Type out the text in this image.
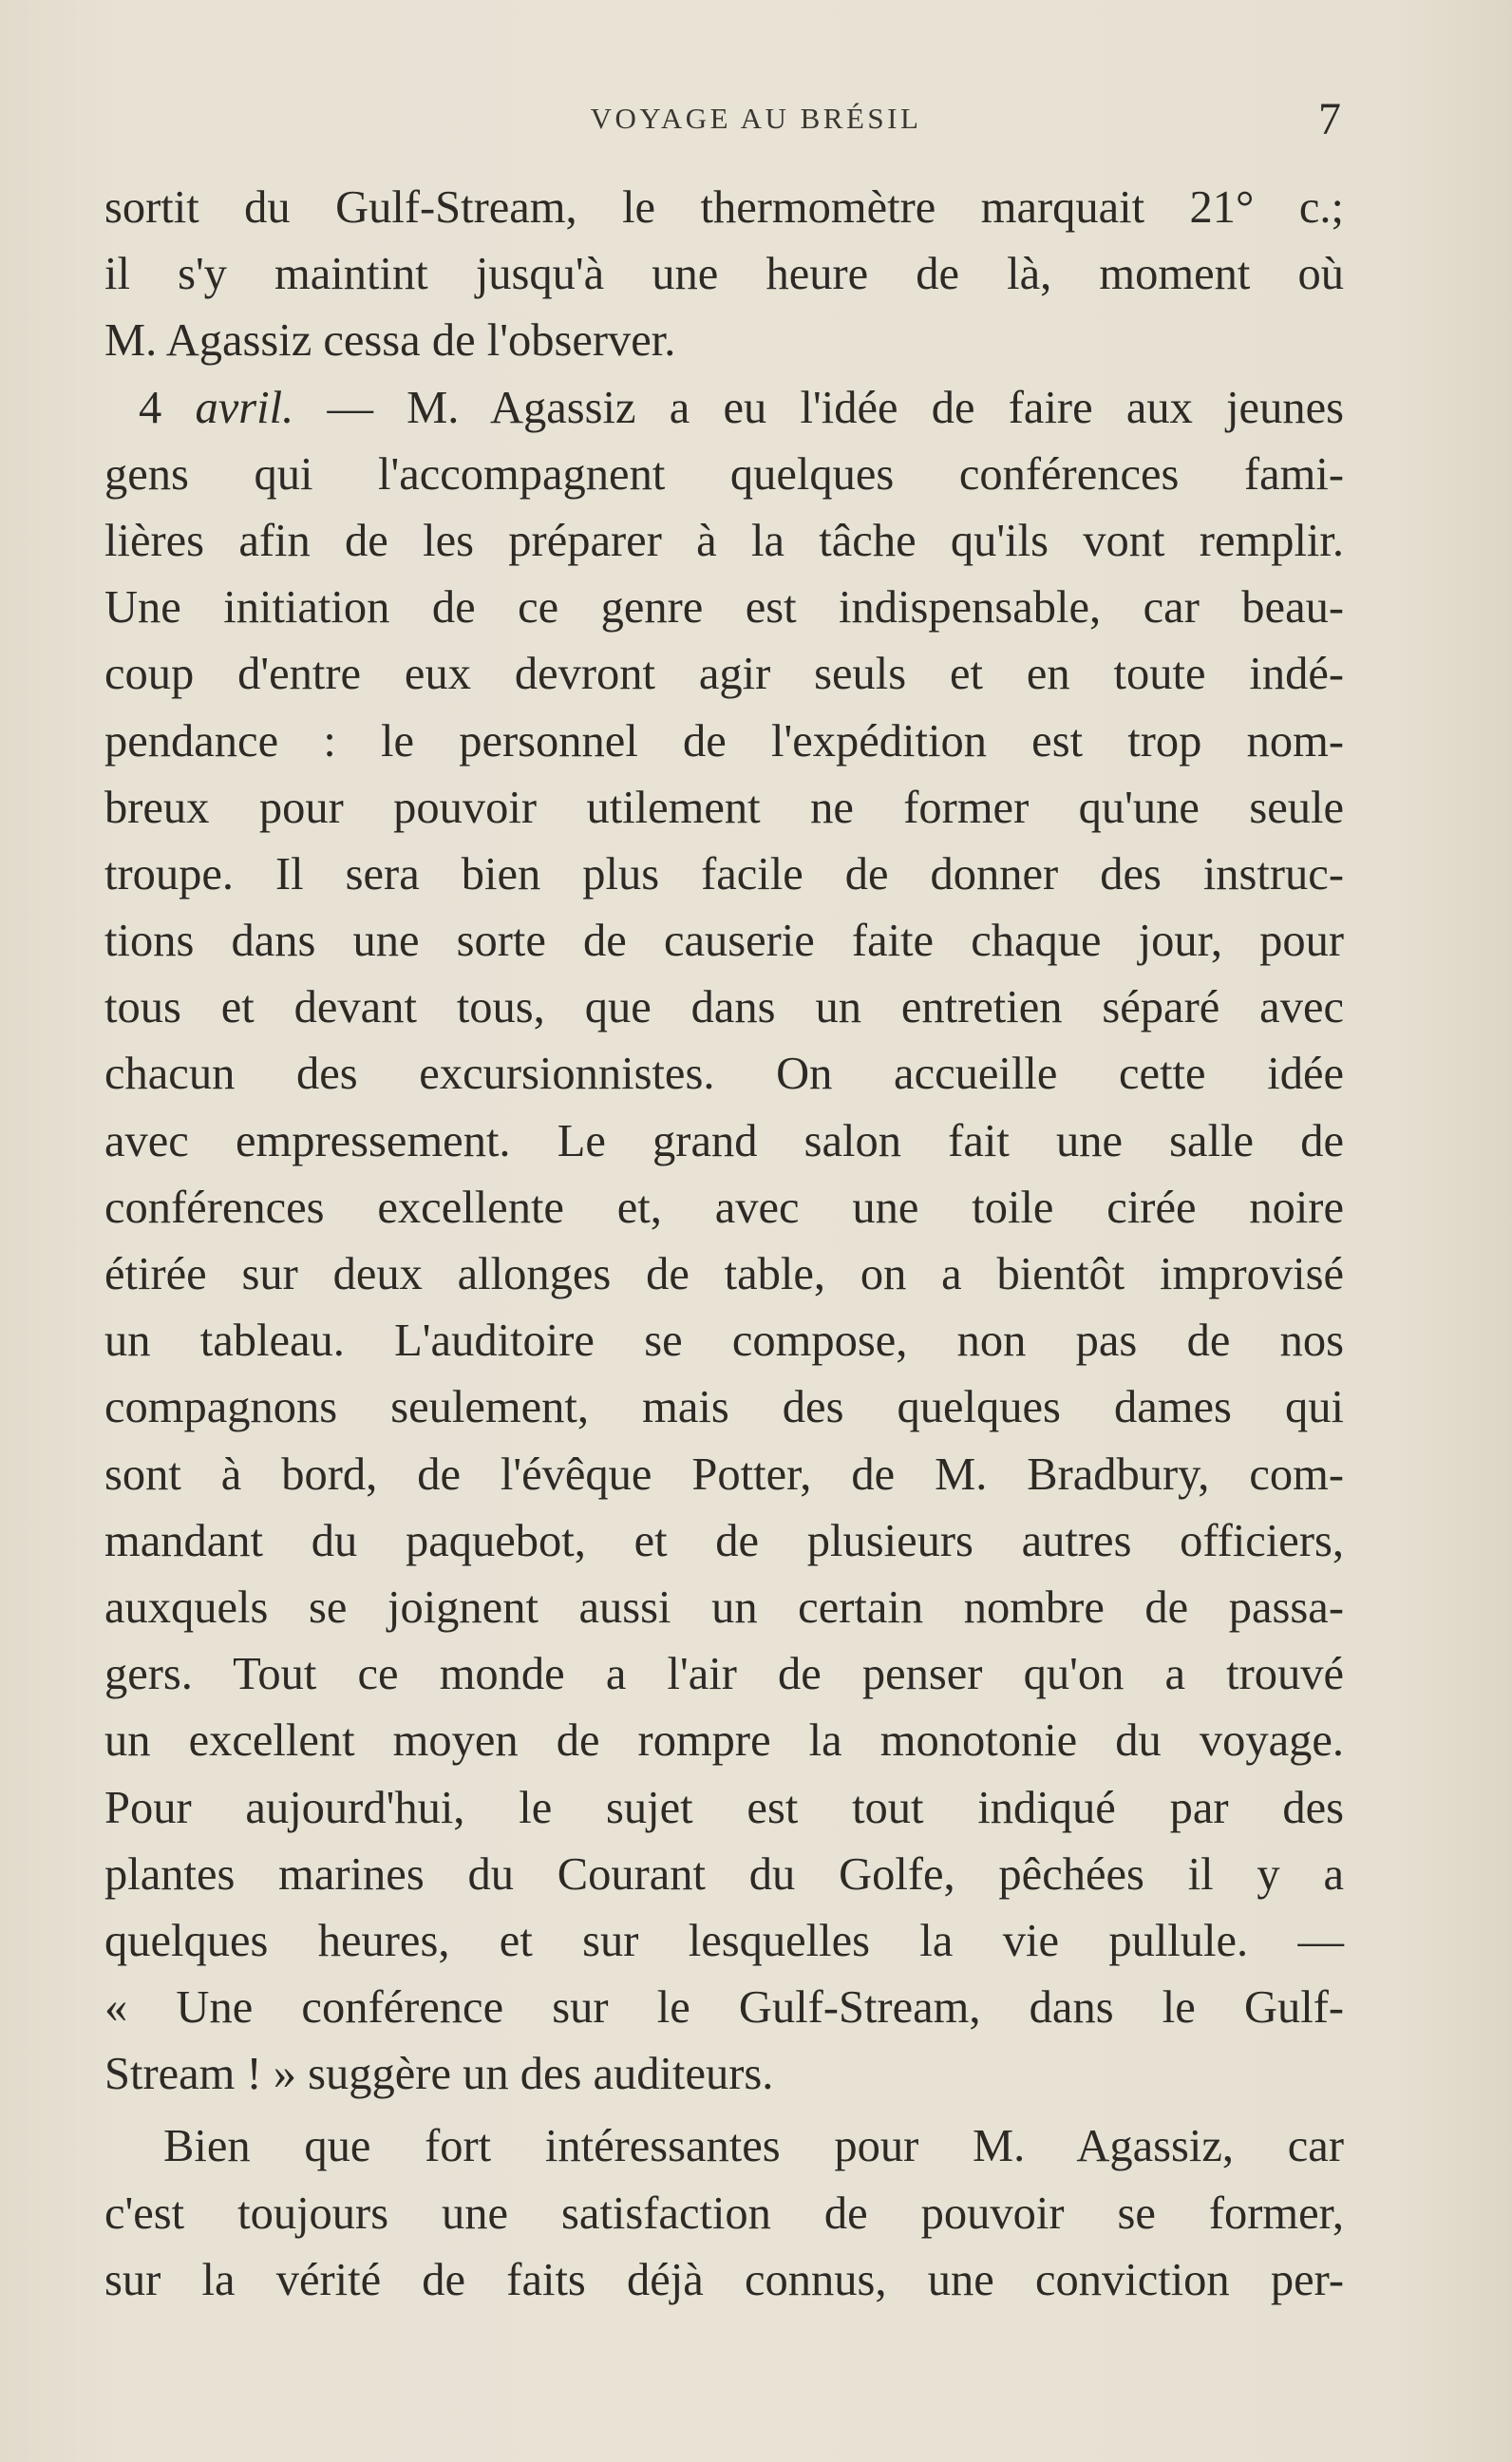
VOYAGE AU BRÉSIL	7
sortit du Gulf-Stream, le thermomètre marquait 21° c.;
il s'y maintint jusqu'à une heure de là, moment où
M. Agassiz cessa de l'observer.
4 avril. — M. Agassiz a eu l'idée de faire aux jeunes
gens qui l'accompagnent quelques conférences fami-
lières afin de les préparer à la tâche qu'ils vont remplir.
Une initiation de ce genre est indispensable, car beau-
coup d'entre eux devront agir seuls et en toute indé-
pendance : le personnel de l'expédition est trop nom-
breux pour pouvoir utilement ne former qu'une seule
troupe. Il sera bien plus facile de donner des instruc-
tions dans une sorte de causerie faite chaque jour, pour
tous et devant tous, que dans un entretien séparé avec
chacun des excursionnistes. On accueille cette idée
avec empressement. Le grand salon fait une salle de
conférences excellente et, avec une toile cirée noire
étirée sur deux allonges de table, on a bientôt improvisé
un tableau. L'auditoire se compose, non pas de nos
compagnons seulement, mais des quelques dames qui
sont à bord, de l'évêque Potter, de M. Bradbury, com-
mandant du paquebot, et de plusieurs autres officiers,
auxquels se joignent aussi un certain nombre de passa-
gers. Tout ce monde a l'air de penser qu'on a trouvé
un excellent moyen de rompre la monotonie du voyage.
Pour aujourd'hui, le sujet est tout indiqué par des
plantes marines du Courant du Golfe, pêchées il y a
quelques heures, et sur lesquelles la vie pullule. —
« Une conférence sur le Gulf-Stream, dans le Gulf-
Stream ! » suggère un des auditeurs.
Bien que fort intéressantes pour M. Agassiz, car
c'est toujours une satisfaction de pouvoir se former,
sur la vérité de faits déjà connus, une conviction per-
